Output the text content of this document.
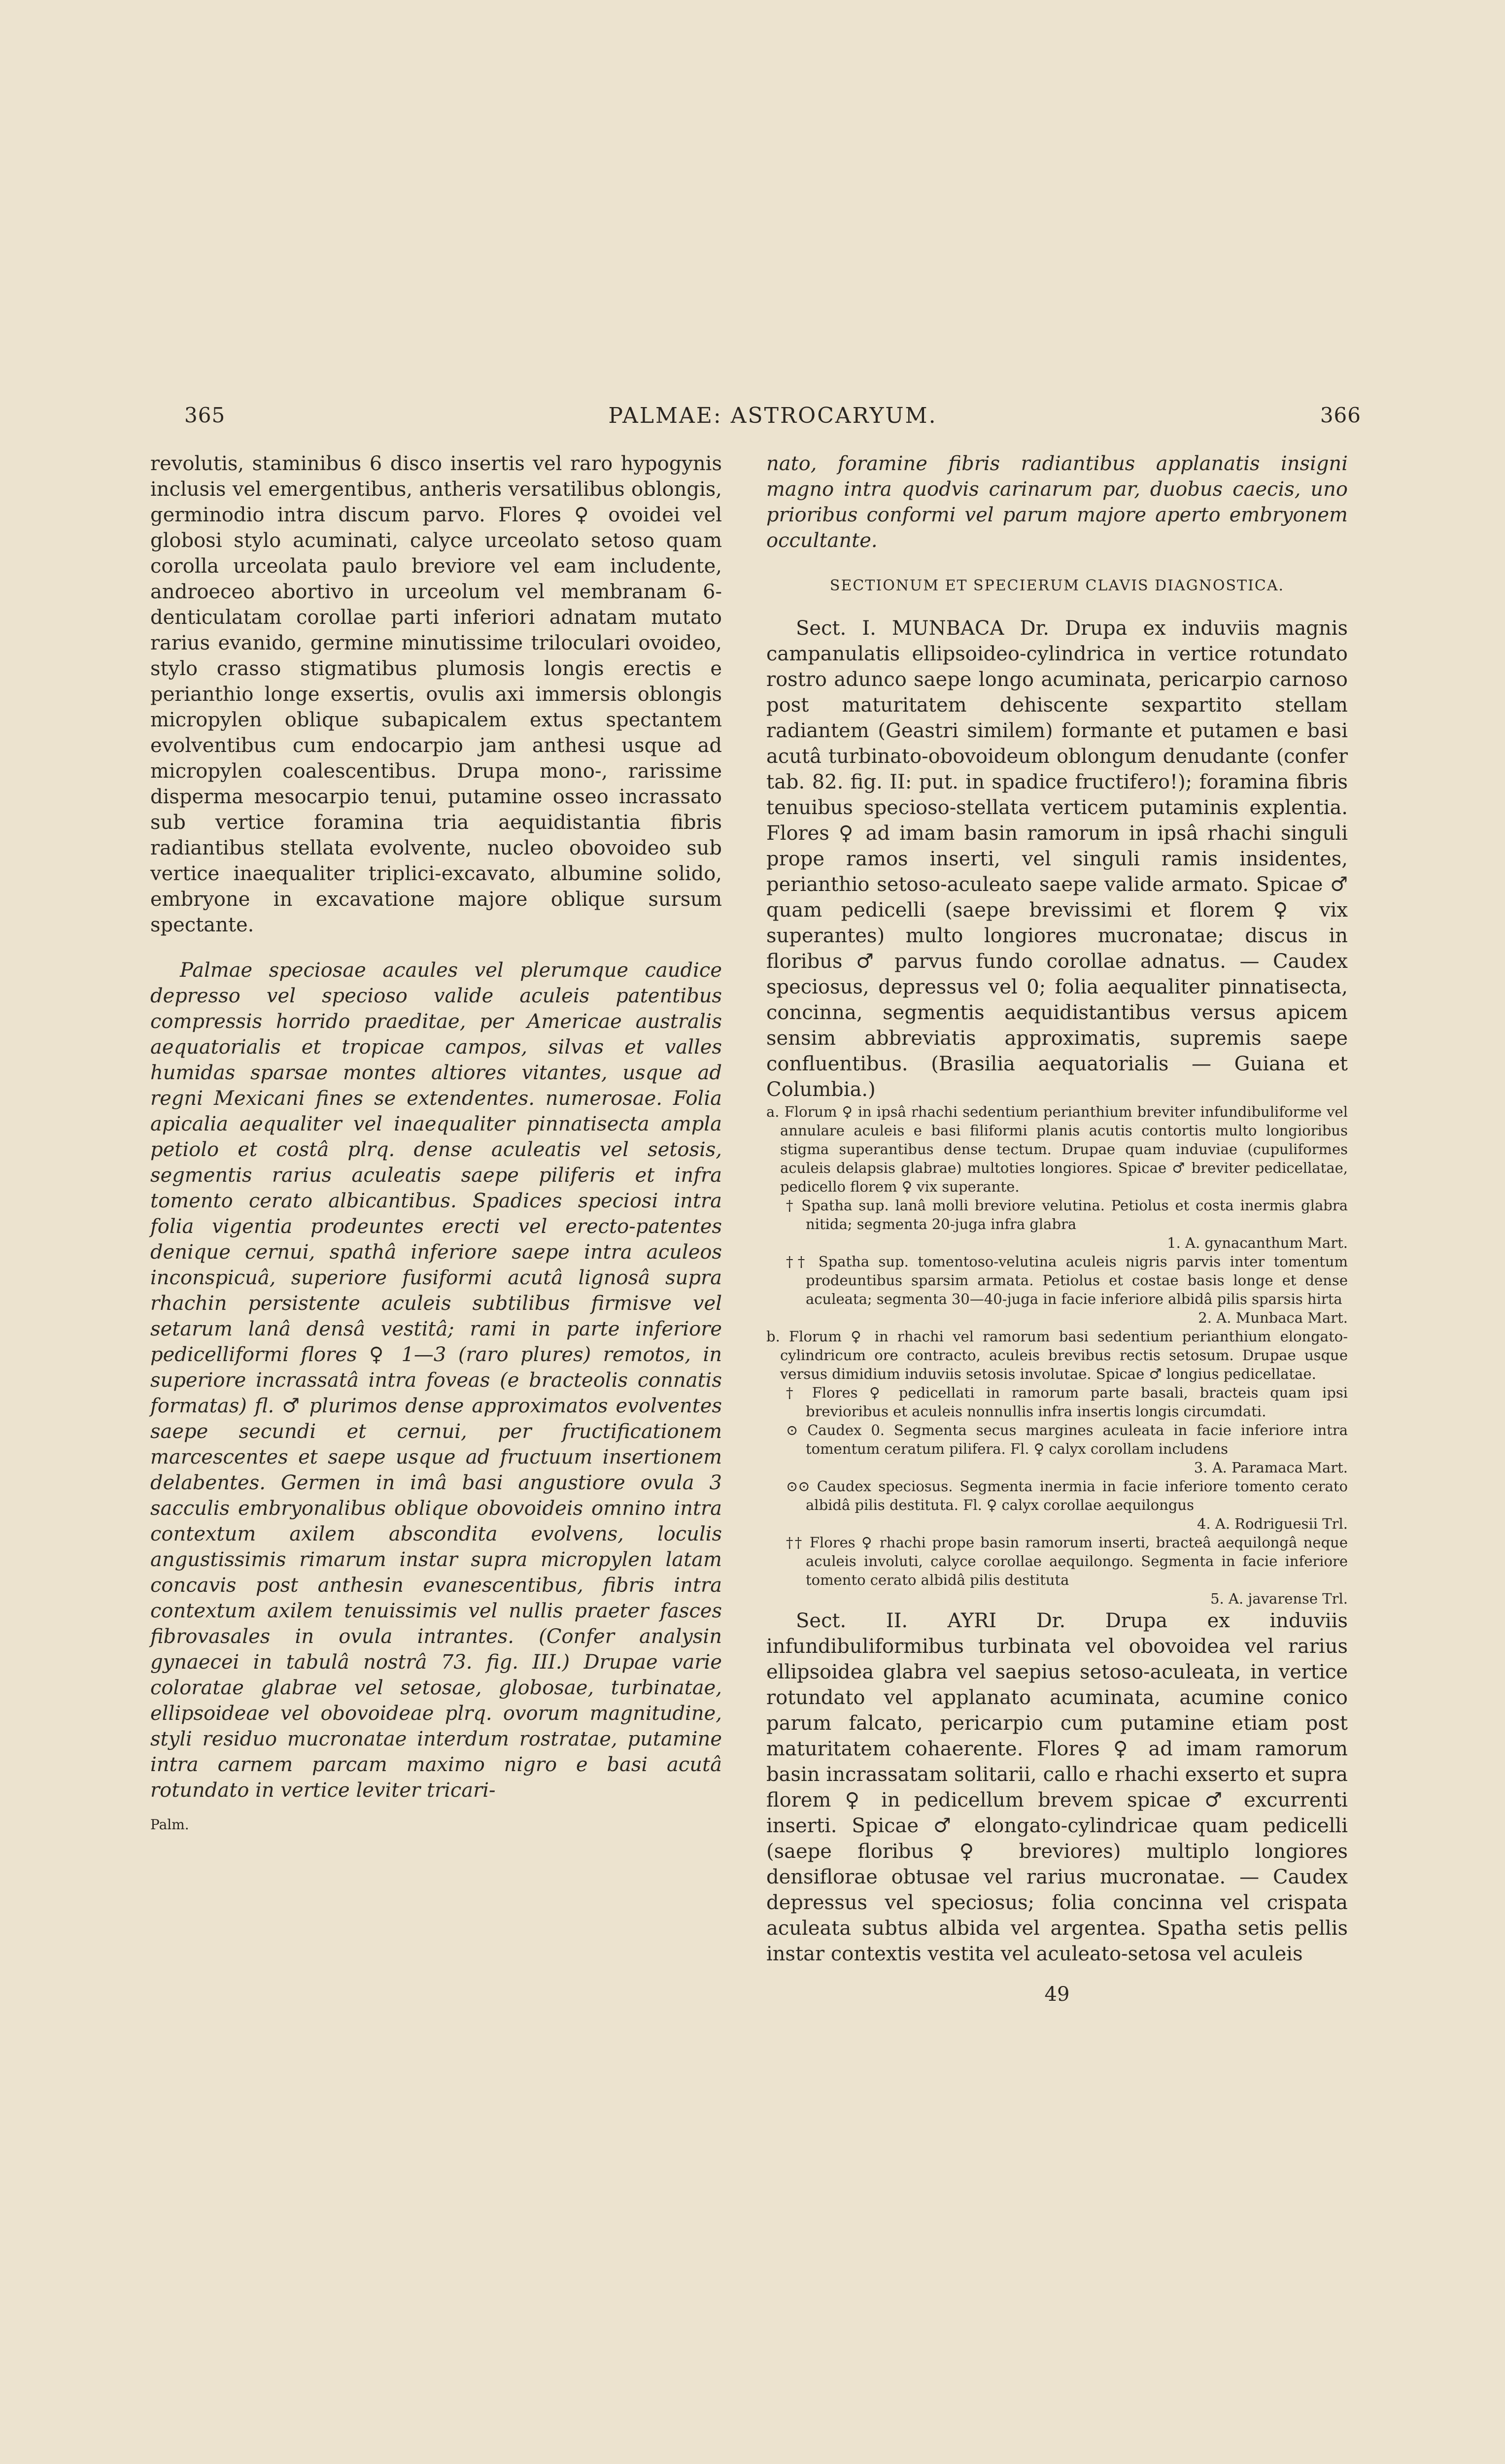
365	PALMAE: ASTROCARYUM.	366

revolutis, staminibus 6 disco insertis vel raro hypogynis inclusis vel emergentibus, antheris versatilibus oblongis, germinodio intra discum parvo. Flores ♀ ovoidei vel globosi stylo acuminati, calyce urceolato setoso quam corolla urceolata paulo breviore vel eam includente, androeceo abortivo in urceolum vel membranam 6-denticulatam corollae parti inferiori adnatam mutato rarius evanido, germine minutissime triloculari ovoideo, stylo crasso stigmatibus plumosis longis erectis e perianthio longe exsertis, ovulis axi immersis oblongis micropylen oblique subapicalem extus spectantem evolventibus cum endocarpio jam anthesi usque ad micropylen coalescentibus. Drupa mono-, rarissime disperma mesocarpio tenui, putamine osseo incrassato sub vertice foramina tria aequidistantia fibris radiantibus stellata evolvente, nucleo obovoideo sub vertice inaequaliter triplici-excavato, albumine solido, embryone in excavatione majore oblique sursum spectante.

Palmae speciosae acaules vel plerumque caudice depresso vel specioso valide aculeis patentibus compressis horrido praeditae, per Americae australis aequatorialis et tropicae campos, silvas et valles humidas sparsae montes altiores vitantes, usque ad regni Mexicani fines se extendentes. numerosae. Folia apicalia aequaliter vel inaequaliter pinnatisecta ampla petiolo et costâ plrq. dense aculeatis vel setosis, segmentis rarius aculeatis saepe piliferis et infra tomento cerato albicantibus. Spadices speciosi intra folia vigentia prodeuntes erecti vel erecto-patentes denique cernui, spathâ inferiore saepe intra aculeos inconspicuâ, superiore fusiformi acutâ lignosâ supra rhachin persistente aculeis subtilibus firmisve vel setarum lanâ densâ vestitâ; rami in parte inferiore pedicelliformi flores ♀ 1—3 (raro plures) remotos, in superiore incrassatâ intra foveas (e bracteolis connatis formatas) fl. ♂ plurimos dense approximatos evolventes saepe secundi et cernui, per fructificationem marcescentes et saepe usque ad fructuum insertionem delabentes. Germen in imâ basi angustiore ovula 3 sacculis embryonalibus oblique obovoideis omnino intra contextum axilem abscondita evolvens, loculis angustissimis rimarum instar supra micropylen latam concavis post anthesin evanescentibus, fibris intra contextum axilem tenuissimis vel nullis praeter fasces fibrovasales in ovula intrantes. (Confer analysin gynaecei in tabulâ nostrâ 73. fig. III.) Drupae varie coloratae glabrae vel setosae, globosae, turbinatae, ellipsoideae vel obovoideae plrq. ovorum magnitudine, styli residuo mucronatae interdum rostratae, putamine intra carnem parcam maximo nigro e basi acutâ rotundato in vertice leviter tricari-

Palm.

nato, foramine fibris radiantibus applanatis insigni magno intra quodvis carinarum par, duobus caecis, uno prioribus conformi vel parum majore aperto embryonem occultante.

SECTIONUM ET SPECIERUM CLAVIS DIAGNOSTICA.

Sect. I. MUNBACA Dr. Drupa ex induviis magnis campanulatis ellipsoideo-cylindrica in vertice rotundato rostro adunco saepe longo acuminata, pericarpio carnoso post maturitatem dehiscente sexpartito stellam radiantem (Geastri similem) formante et putamen e basi acutâ turbinato-obovoideum oblongum denudante (confer tab. 82. fig. II: put. in spadice fructifero!); foramina fibris tenuibus specioso-stellata verticem putaminis explentia. Flores ♀ ad imam basin ramorum in ipsâ rhachi singuli prope ramos inserti, vel singuli ramis insidentes, perianthio setoso-aculeato saepe valide armato. Spicae ♂ quam pedicelli (saepe brevissimi et florem ♀ vix superantes) multo longiores mucronatae; discus in floribus ♂ parvus fundo corollae adnatus. — Caudex speciosus, depressus vel 0; folia aequaliter pinnatisecta, concinna, segmentis aequidistantibus versus apicem sensim abbreviatis approximatis, supremis saepe confluentibus. (Brasilia aequatorialis — Guiana et Columbia.)

a. Florum ♀ in ipsâ rhachi sedentium perianthium breviter infundibuliforme vel annulare aculeis e basi filiformi planis acutis contortis multo longioribus stigma superantibus dense tectum. Drupae quam induviae (cupuliformes aculeis delapsis glabrae) multoties longiores. Spicae ♂ breviter pedicellatae, pedicello florem ♀ vix superante.

† Spatha sup. lanâ molli breviore velutina. Petiolus et costa inermis glabra nitida; segmenta 20-juga infra glabra

1. A. gynacanthum Mart.

†† Spatha sup. tomentoso-velutina aculeis nigris parvis inter tomentum prodeuntibus sparsim armata. Petiolus et costae basis longe et dense aculeata; segmenta 30—40-juga in facie inferiore albidâ pilis sparsis hirta

2. A. Munbaca Mart.

b. Florum ♀ in rhachi vel ramorum basi sedentium perianthium elongato-cylindricum ore contracto, aculeis brevibus rectis setosum. Drupae usque versus dimidium induviis setosis involutae. Spicae ♂ longius pedicellatae.

† Flores ♀ pedicellati in ramorum parte basali, bracteis quam ipsi brevioribus et aculeis nonnullis infra insertis longis circumdati.

⊙ Caudex 0. Segmenta secus margines aculeata in facie inferiore intra tomentum ceratum pilifera. Fl. ♀ calyx corollam includens

3. A. Paramaca Mart.

⊙⊙ Caudex speciosus. Segmenta inermia in facie inferiore tomento cerato albidâ pilis destituta. Fl. ♀ calyx corollae aequilongus

4. A. Rodriguesii Trl.

†† Flores ♀ rhachi prope basin ramorum inserti, bracteâ aequilongâ neque aculeis involuti, calyce corollae aequilongo. Segmenta in facie inferiore tomento cerato albidâ pilis destituta

5. A. javarense Trl.

Sect. II. AYRI Dr. Drupa ex induviis infundibuliformibus turbinata vel obovoidea vel rarius ellipsoidea glabra vel saepius setoso-aculeata, in vertice rotundato vel applanato acuminata, acumine conico parum falcato, pericarpio cum putamine etiam post maturitatem cohaerente. Flores ♀ ad imam ramorum basin incrassatam solitarii, callo e rhachi exserto et supra florem ♀ in pedicellum brevem spicae ♂ excurrenti inserti. Spicae ♂ elongato-cylindricae quam pedicelli (saepe floribus ♀ breviores) multiplo longiores densiflorae obtusae vel rarius mucronatae. — Caudex depressus vel speciosus; folia concinna vel crispata aculeata subtus albida vel argentea. Spatha setis pellis instar contextis vestita vel aculeato-setosa vel aculeis

49
